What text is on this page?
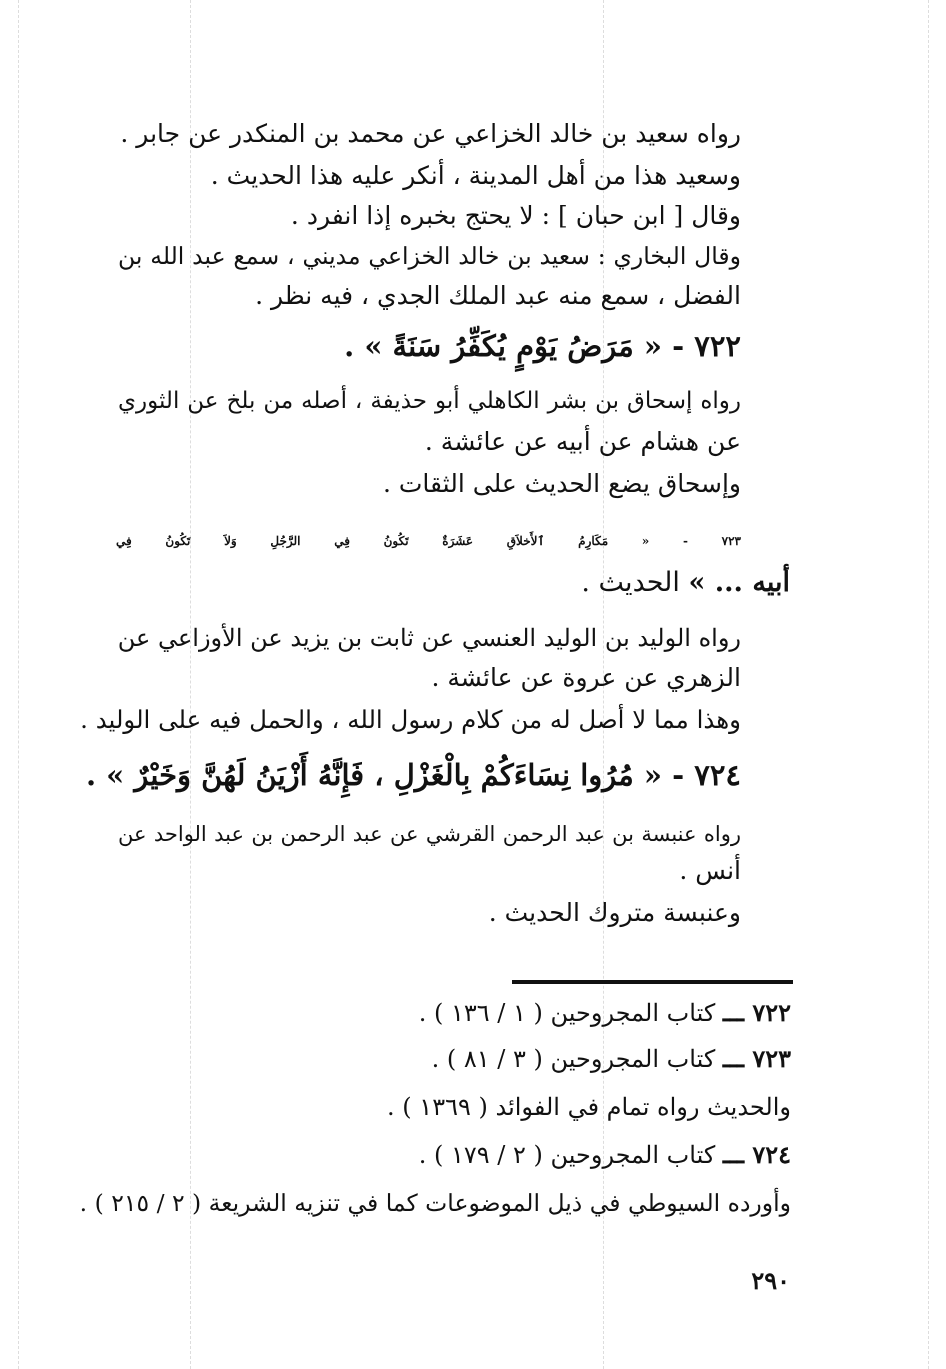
رواه سعيد بن خالد الخزاعي عن محمد بن المنكدر عن جابر .
وسعيد هذا من أهل المدينة ، أنكر عليه هذا الحديث .
وقال [ ابن حبان ] : لا يحتج بخبره إذا انفرد .
وقال البخاري : سعيد بن خالد الخزاعي مديني ، سمع عبد الله بن
الفضل ، سمع منه عبد الملك الجدي ، فيه نظر .
٧٢٢ - « مَرَضُ يَوْمٍ يُكَفِّرُ سَنَةً » .
رواه إسحاق بن بشر الكاهلي أبو حذيفة ، أصله من بلخ عن الثوري
عن هشام عن أبيه عن عائشة .
وإسحاق يضع الحديث على الثقات .
٧٢٣ - « مَكَارِمُ ٱلأَخلاَقِ عَشَرَةٌ تَكُونُ فِي الرَّجُلِ وَلاَ تَكُونُ فِي
أبيه ... » الحديث .
رواه الوليد بن الوليد العنسي عن ثابت بن يزيد عن الأوزاعي عن
الزهري عن عروة عن عائشة .
وهذا مما لا أصل له من كلام رسول الله ، والحمل فيه على الوليد .
٧٢٤ - « مُرُوا نِسَاءَكُمْ بِالْغَزْلِ ، فَإِنَّهُ أَزْيَنُ لَهُنَّ وَخَيْرٌ » .
رواه عنبسة بن عبد الرحمن القرشي عن عبد الرحمن بن عبد الواحد عن
أنس .
وعنبسة متروك الحديث .
٧٢٢ ـــ كتاب المجروحين ( ١ / ١٣٦ ) .
٧٢٣ ـــ كتاب المجروحين ( ٣ / ٨١ ) .
والحديث رواه تمام في الفوائد ( ١٣٦٩ ) .
٧٢٤ ـــ كتاب المجروحين ( ٢ / ١٧٩ ) .
وأورده السيوطي في ذيل الموضوعات كما في تنزيه الشريعة ( ٢ / ٢١٥ ) .
٢٩٠
